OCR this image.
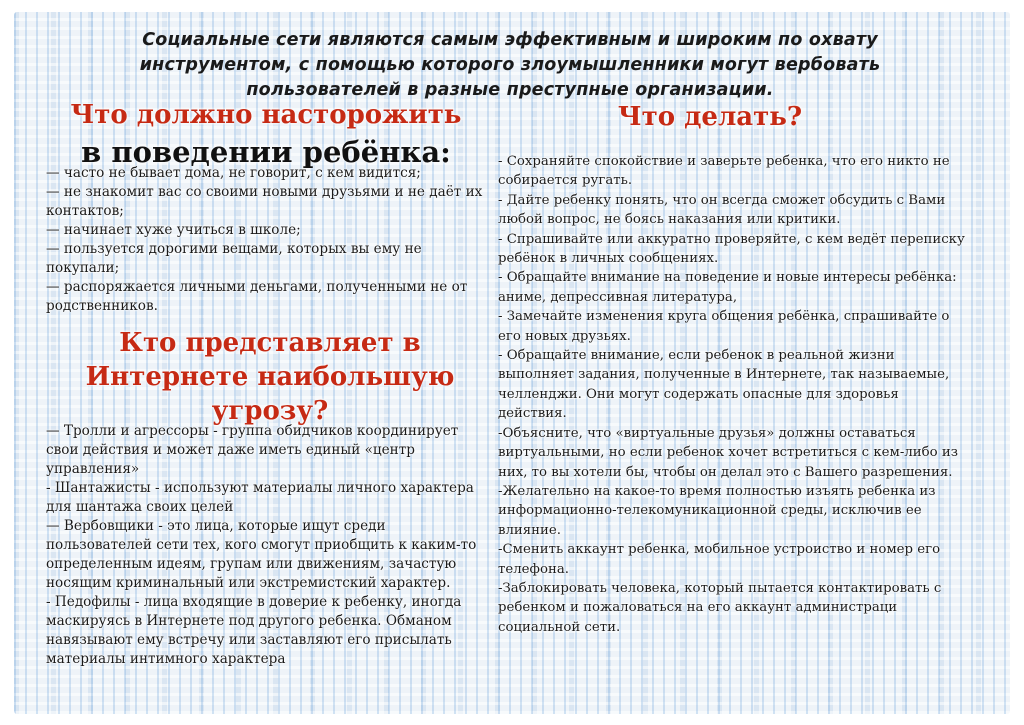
Социальные сети являются самым эффективным и широким по охвату инструментом, с помощью которого злоумышленники могут вербовать пользователей в разные преступные организации.
Что должно насторожить
в поведении ребёнка:
— часто не бывает дома, не говорит, с кем видится;
— не знакомит вас со своими новыми друзьями и не даёт их контактов;
— начинает хуже учиться в школе;
— пользуется дорогими вещами, которых вы ему не покупали;
— распоряжается личными деньгами, полученными не от родственников.
Кто представляет в Интернете наибольшую угрозу?
— Тролли и агрессоры - группа обидчиков координирует свои действия и может даже иметь единый «центр управления»
- Шантажисты - используют материалы личного характера для шантажа своих целей
— Вербовщики - это лица, которые ищут среди пользователей сети тех, кого смогут приобщить к каким-то определенным идеям, групам или движениям, зачастую носящим криминальный или экстремистский характер.
- Педофилы - лица входящие в доверие к ребенку, иногда маскируясь в Интернете под другого ребенка. Обманом навязывают ему встречу или заставляют его присылать материалы интимного характера
Что делать?
- Сохраняйте спокойствие и заверьте ребенка, что его никто не собирается ругать.
- Дайте ребенку понять, что он всегда сможет обсудить с Вами любой вопрос, не боясь наказания или критики.
- Спрашивайте или аккуратно проверяйте, с кем ведёт переписку ребёнок в личных сообщениях.
- Обращайте внимание на поведение и новые интересы ребёнка: аниме, депрессивная литература,
- Замечайте изменения круга общения ребёнка, спрашивайте о его новых друзьях.
- Обращайте внимание, если ребенок в реальной жизни выполняет задания, полученные в Интернете, так называемые, челленджи. Они могут содержать опасные для здоровья действия.
-Объясните, что «виртуальные друзья» должны оставаться виртуальными, но если ребенок хочет встретиться с кем-либо из них, то вы хотели бы, чтобы он делал это с Вашего разрешения.
-Желательно на какое-то время полностью изъять ребенка из информационно-телекомуникационной среды, исключив ее влияние.
-Сменить аккаунт ребенка, мобильное устроиство и номер его телефона.
-Заблокировать человека, который пытается контактировать с ребенком и пожаловаться на его аккаунт администраци социальной сети.
